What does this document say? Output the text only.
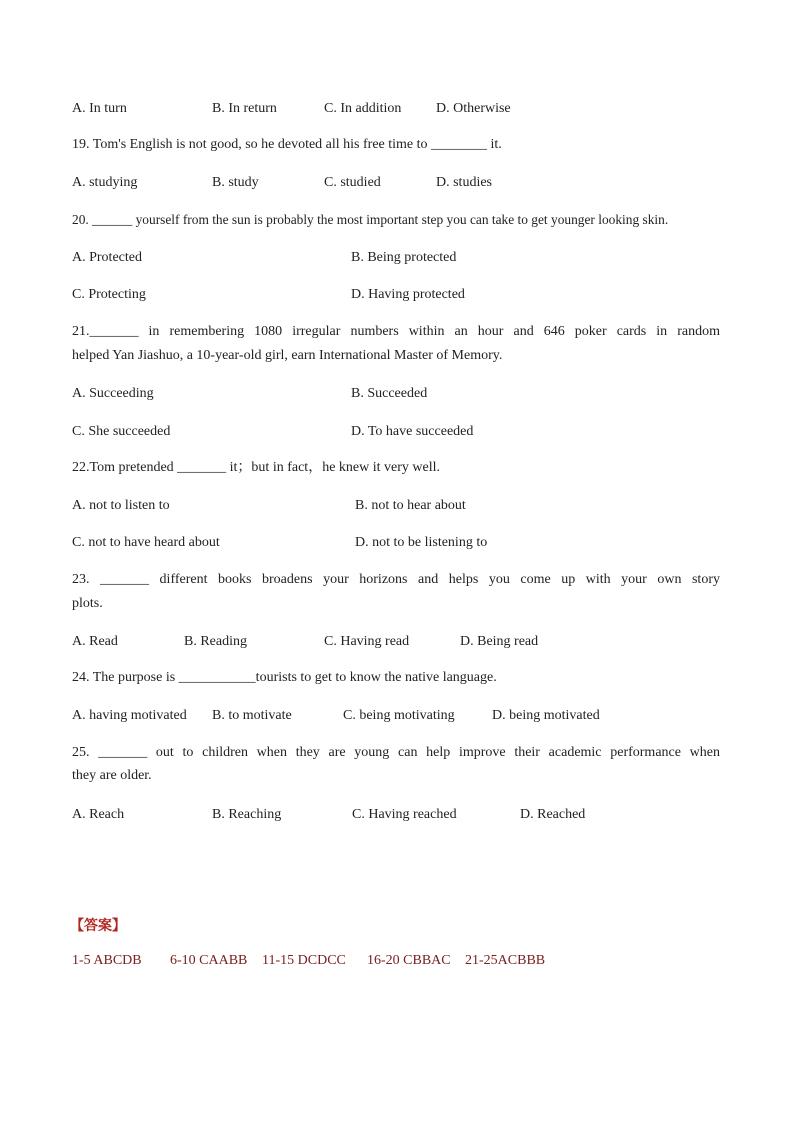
A. In turn	B. In return	C. In addition D. Otherwise
19. Tom's English is not good, so he devoted all his free time to ________ it.
A. studying	B. study	C. studied	D. studies
20. ______ yourself from the sun is probably the most important step you can take to get younger looking skin.
A. Protected	B. Being protected
C. Protecting	D. Having protected
21._______ in remembering 1080 irregular numbers within an hour and 646 poker cards in random
helped Yan Jiashuo, a 10-year-old girl, earn International Master of Memory.
A. Succeeding	B. Succeeded
C. She succeeded	D. To have succeeded
22.Tom pretended _______ it；but in fact，he knew it very well.
A. not to listen to	B. not to hear about
C. not to have heard about	D. not to be listening to
23. _______ different books broadens your horizons and helps you come up with your own story
plots.
A. Read	B. Reading	C. Having read	D. Being read
24. The purpose is ___________tourists to get to know the native language.
A. having motivated B. to motivate	C. being motivating	D. being motivated
25. _______ out to children when they are young can help improve their academic performance when
they are older.
A. Reach	B. Reaching	C. Having reached	D. Reached
【答案】
1-5 ABCDB 6-10 CAABB 11-15 DCDCC 16-20 CBBAC 21-25ACBBB
